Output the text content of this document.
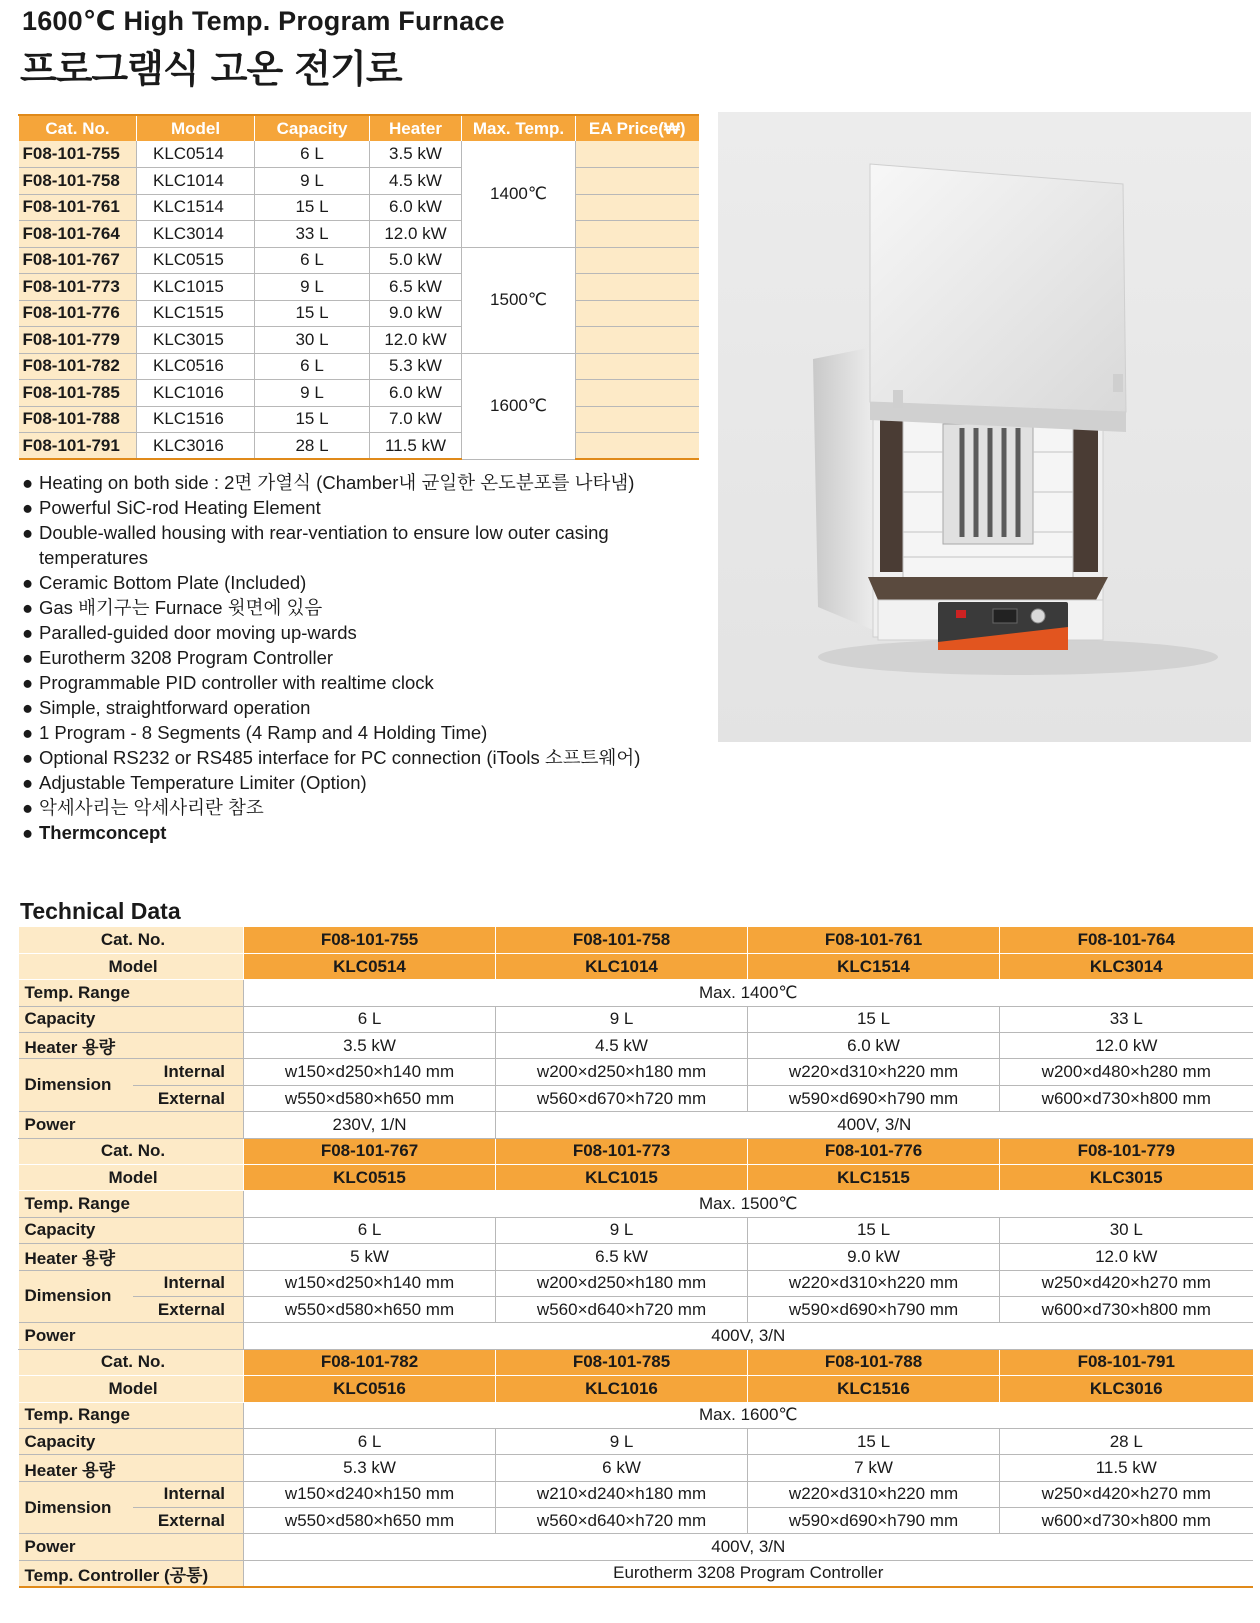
1600℃ High Temp. Program Furnace
프로그램식 고온 전기로
Cat. No.	Model	Capacity	Heater	Max. Temp.	EA Price(₩)
F08-101-755	KLC0514	6 L	3.5 kW	1400℃	
F08-101-758	KLC1014	9 L	4.5 kW		
F08-101-761	KLC1514	15 L	6.0 kW		
F08-101-764	KLC3014	33 L	12.0 kW		
F08-101-767	KLC0515	6 L	5.0 kW	1500℃	
F08-101-773	KLC1015	9 L	6.5 kW		
F08-101-776	KLC1515	15 L	9.0 kW		
F08-101-779	KLC3015	30 L	12.0 kW		
F08-101-782	KLC0516	6 L	5.3 kW	1600℃	
F08-101-785	KLC1016	9 L	6.0 kW		
F08-101-788	KLC1516	15 L	7.0 kW		
F08-101-791	KLC3016	28 L	11.5 kW		
● Heating on both side : 2면 가열식 (Chamber내 균일한 온도분포를 나타냄)
● Powerful SiC-rod Heating Element
● Double-walled housing with rear-ventiation to ensure low outer casing
temperatures
● Ceramic Bottom Plate (Included)
● Gas 배기구는 Furnace 윗면에 있음
● Paralled-guided door moving up-wards
● Eurotherm 3208 Program Controller
● Programmable PID controller with realtime clock
● Simple, straightforward operation
● 1 Program - 8 Segments (4 Ramp and 4 Holding Time)
● Optional RS232 or RS485 interface for PC connection (iTools 소프트웨어)
● Adjustable Temperature Limiter (Option)
● 악세사리는 악세사리란 참조
● Thermconcept
Technical Data
Cat. No.		F08-101-755	F08-101-758	F08-101-761	F08-101-764
Model		KLC0514	KLC1014	KLC1514	KLC3014
Temp. Range		Max. 1400℃			
Capacity		6 L	9 L	15 L	33 L
Heater 용량		3.5 kW	4.5 kW	6.0 kW	12.0 kW
Dimension	Internal	w150×d250×h140 mm	w200×d250×h180 mm	w220×d310×h220 mm	w200×d480×h280 mm
	External	w550×d580×h650 mm	w560×d670×h720 mm	w590×d690×h790 mm	w600×d730×h800 mm
Power		230V, 1/N	400V, 3/N		
Cat. No.		F08-101-767	F08-101-773	F08-101-776	F08-101-779
Model		KLC0515	KLC1015	KLC1515	KLC3015
Temp. Range		Max. 1500℃			
Capacity		6 L	9 L	15 L	30 L
Heater 용량		5 kW	6.5 kW	9.0 kW	12.0 kW
Dimension	Internal	w150×d250×h140 mm	w200×d250×h180 mm	w220×d310×h220 mm	w250×d420×h270 mm
	External	w550×d580×h650 mm	w560×d640×h720 mm	w590×d690×h790 mm	w600×d730×h800 mm
Power		400V, 3/N			
Cat. No.		F08-101-782	F08-101-785	F08-101-788	F08-101-791
Model		KLC0516	KLC1016	KLC1516	KLC3016
Temp. Range		Max. 1600℃			
Capacity		6 L	9 L	15 L	28 L
Heater 용량		5.3 kW	6 kW	7 kW	11.5 kW
Dimension	Internal	w150×d240×h150 mm	w210×d240×h180 mm	w220×d310×h220 mm	w250×d420×h270 mm
	External	w550×d580×h650 mm	w560×d640×h720 mm	w590×d690×h790 mm	w600×d730×h800 mm
Power		400V, 3/N			
Temp. Controller (공통)		Eurotherm 3208 Program Controller			
